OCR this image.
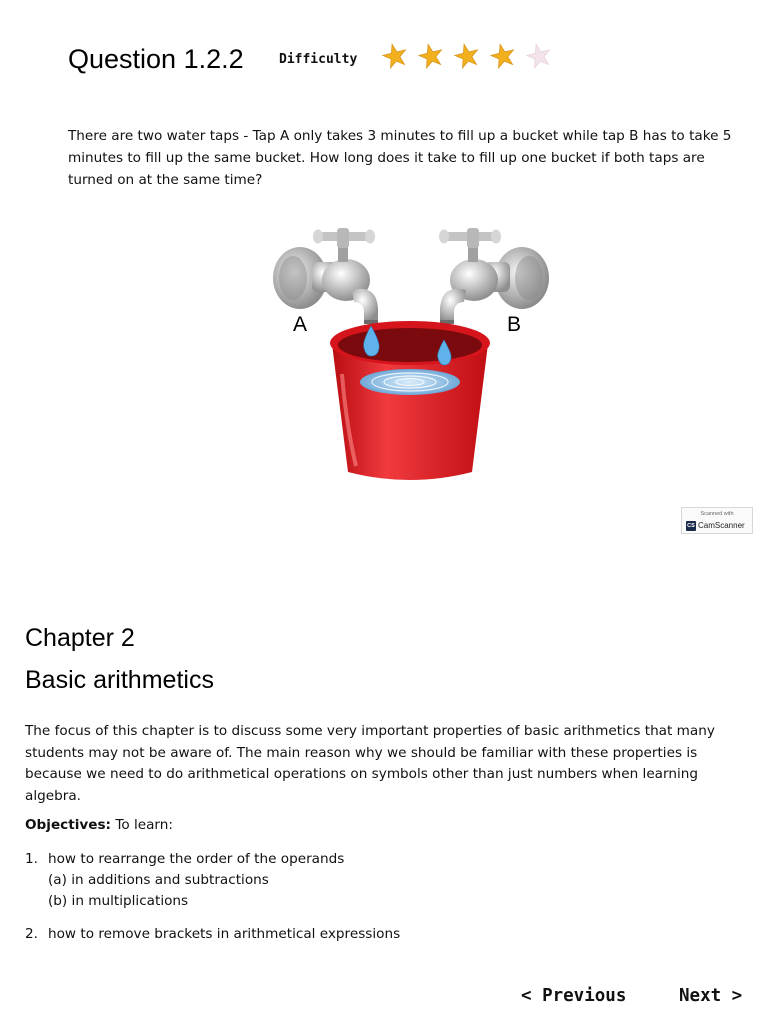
Question 1.2.2	Difficulty
There are two water taps - Tap A only takes 3 minutes to fill up a bucket while tap B has to take 5 minutes to fill up the same bucket. How long does it take to fill up one bucket if both taps are turned on at the same time?
A	B
Scanned with
CS CamScanner
Chapter 2
Basic arithmetics
The focus of this chapter is to discuss some very important properties of basic arithmetics that many students may not be aware of. The main reason why we should be familiar with these properties is because we need to do arithmetical operations on symbols other than just numbers when learning algebra.
Objectives: To learn:
1. how to rearrange the order of the operands
(a) in additions and subtractions
(b) in multiplications
2. how to remove brackets in arithmetical expressions
< Previous	Next >
